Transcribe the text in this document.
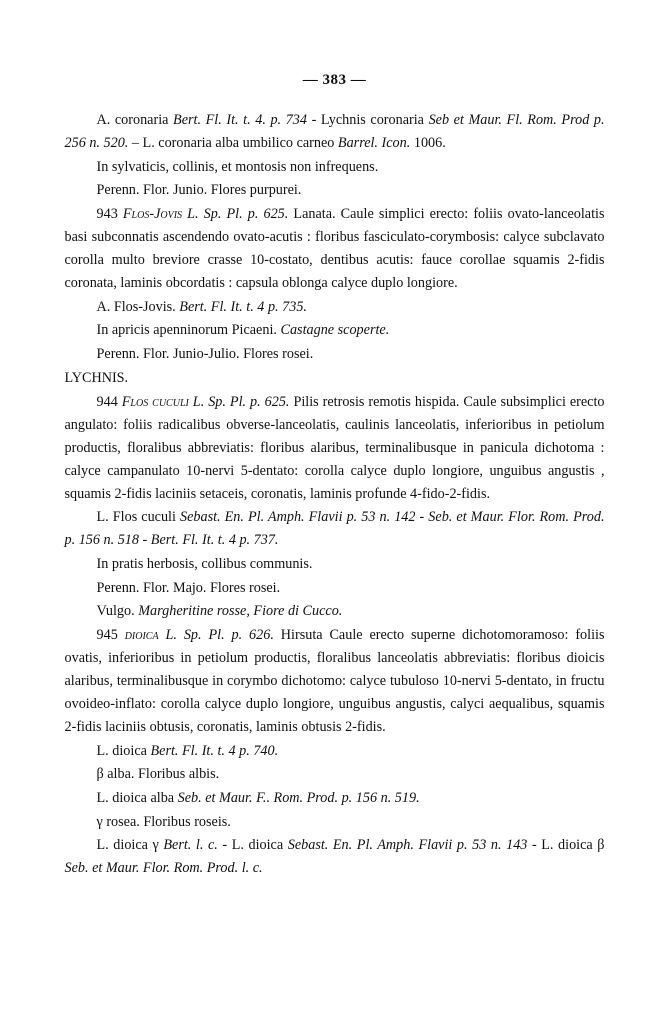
— 383 —

A. coronaria Bert. Fl. It. t. 4. p. 734 - Lychnis coronaria Seb et Maur. Fl. Rom. Prod p. 256 n. 520. – L. coronaria alba umbilico carneo Barrel. Icon. 1006.

In sylvaticis, collinis, et montosis non infrequens.

Perenn. Flor. Junio. Flores purpurei.

943 Flos-Jovis L. Sp. Pl. p. 625. Lanata. Caule simplici erecto: foliis ovato-lanceolatis basi subconnatis ascendendo ovato-acutis : floribus fasciculato-corymbosis: calyce subclavato corolla multo breviore crasse 10-costato, dentibus acutis: fauce corollae squamis 2-fidis coronata, laminis obcordatis : capsula oblonga calyce duplo longiore.

A. Flos-Jovis. Bert. Fl. It. t. 4 p. 735.

In apricis apenninorum Picaeni. Castagne scoperte.

Perenn. Flor. Junio-Julio. Flores rosei.

LYCHNIS.

944 Flos cuculi L. Sp. Pl. p. 625. Pilis retrosis remotis hispida. Caule subsimplici erecto angulato: foliis radicalibus obverse-lanceolatis, caulinis lanceolatis, inferioribus in petiolum productis, floralibus abbreviatis: floribus alaribus, terminalibusque in panicula dichotoma : calyce campanulato 10-nervi 5-dentato: corolla calyce duplo longiore, unguibus angustis , squamis 2-fidis laciniis setaceis, coronatis, laminis profunde 4-fido-2-fidis.

L. Flos cuculi Sebast. En. Pl. Amph. Flavii p. 53 n. 142 - Seb. et Maur. Flor. Rom. Prod. p. 156 n. 518 - Bert. Fl. It. t. 4 p. 737.

In pratis herbosis, collibus communis.

Perenn. Flor. Majo. Flores rosei.

Vulgo. Margheritine rosse, Fiore di Cucco.

945 dioica L. Sp. Pl. p. 626. Hirsuta Caule erecto superne dichotomoramoso: foliis ovatis, inferioribus in petiolum productis, floralibus lanceolatis abbreviatis: floribus dioicis alaribus, terminalibusque in corymbo dichotomo: calyce tubuloso 10-nervi 5-dentato, in fructu ovoideo-inflato: corolla calyce duplo longiore, unguibus angustis, calyci aequalibus, squamis 2-fidis laciniis obtusis, coronatis, laminis obtusis 2-fidis.

L. dioica Bert. Fl. It. t. 4 p. 740.

β alba. Floribus albis.

L. dioica alba Seb. et Maur. F.. Rom. Prod. p. 156 n. 519.

γ rosea. Floribus roseis.

L. dioica γ Bert. l. c. - L. dioica Sebast. En. Pl. Amph. Flavii p. 53 n. 143 - L. dioica β Seb. et Maur. Flor. Rom. Prod. l. c.
